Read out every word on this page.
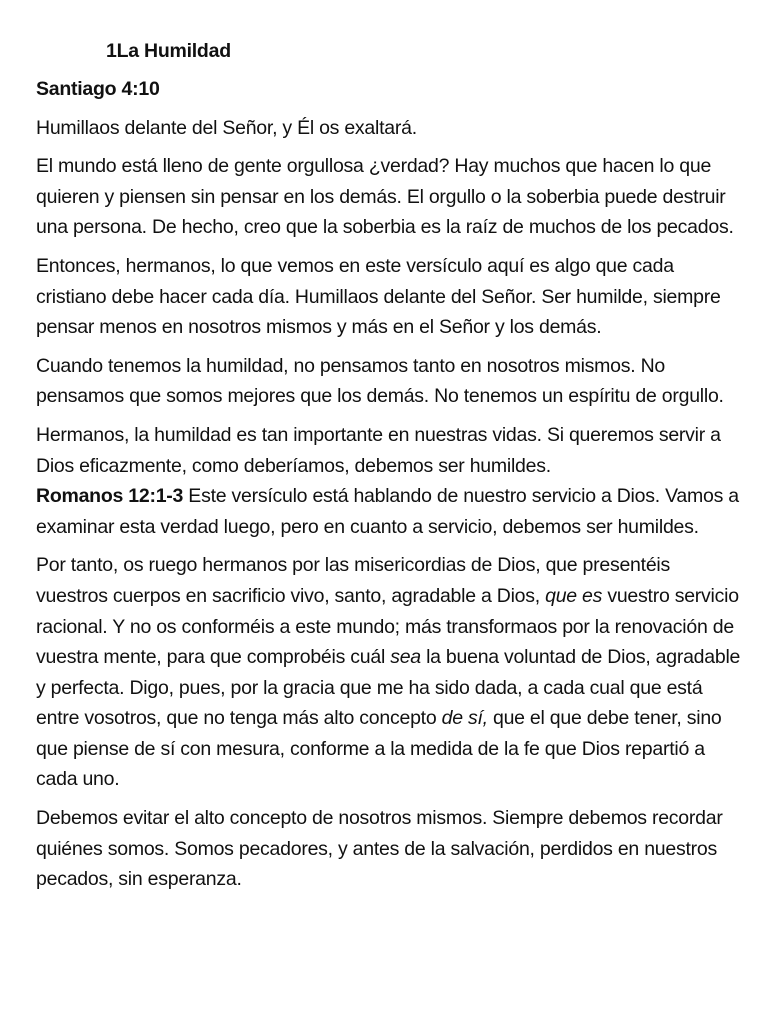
1La Humildad
Santiago 4:10

Humillaos delante del Señor, y Él os exaltará.

El mundo está lleno de gente orgullosa ¿verdad? Hay muchos que hacen lo que quieren y piensen sin pensar en los demás. El orgullo o la soberbia puede destruir una persona. De hecho, creo que la soberbia es la raíz de muchos de los pecados.

Entonces, hermanos, lo que vemos en este versículo aquí es algo que cada cristiano debe hacer cada día. Humillaos delante del Señor. Ser humilde, siempre pensar menos en nosotros mismos y más en el Señor y los demás.

Cuando tenemos la humildad, no pensamos tanto en nosotros mismos. No pensamos que somos mejores que los demás. No tenemos un espíritu de orgullo.

Hermanos, la humildad es tan importante en nuestras vidas. Si queremos servir a Dios eficazmente, como deberíamos, debemos ser humildes.
Romanos 12:1-3 Este versículo está hablando de nuestro servicio a Dios. Vamos a examinar esta verdad luego, pero en cuanto a servicio, debemos ser humildes.

Por tanto, os ruego hermanos por las misericordias de Dios, que presentéis vuestros cuerpos en sacrificio vivo, santo, agradable a Dios, que es vuestro servicio racional. Y no os conforméis a este mundo; más transformaos por la renovación de vuestra mente, para que comprobéis cuál sea la buena voluntad de Dios, agradable y perfecta. Digo, pues, por la gracia que me ha sido dada, a cada cual que está entre vosotros, que no tenga más alto concepto de sí, que el que debe tener, sino que piense de sí con mesura, conforme a la medida de la fe que Dios repartió a cada uno.

Debemos evitar el alto concepto de nosotros mismos. Siempre debemos recordar quiénes somos. Somos pecadores, y antes de la salvación, perdidos en nuestros pecados, sin esperanza.
